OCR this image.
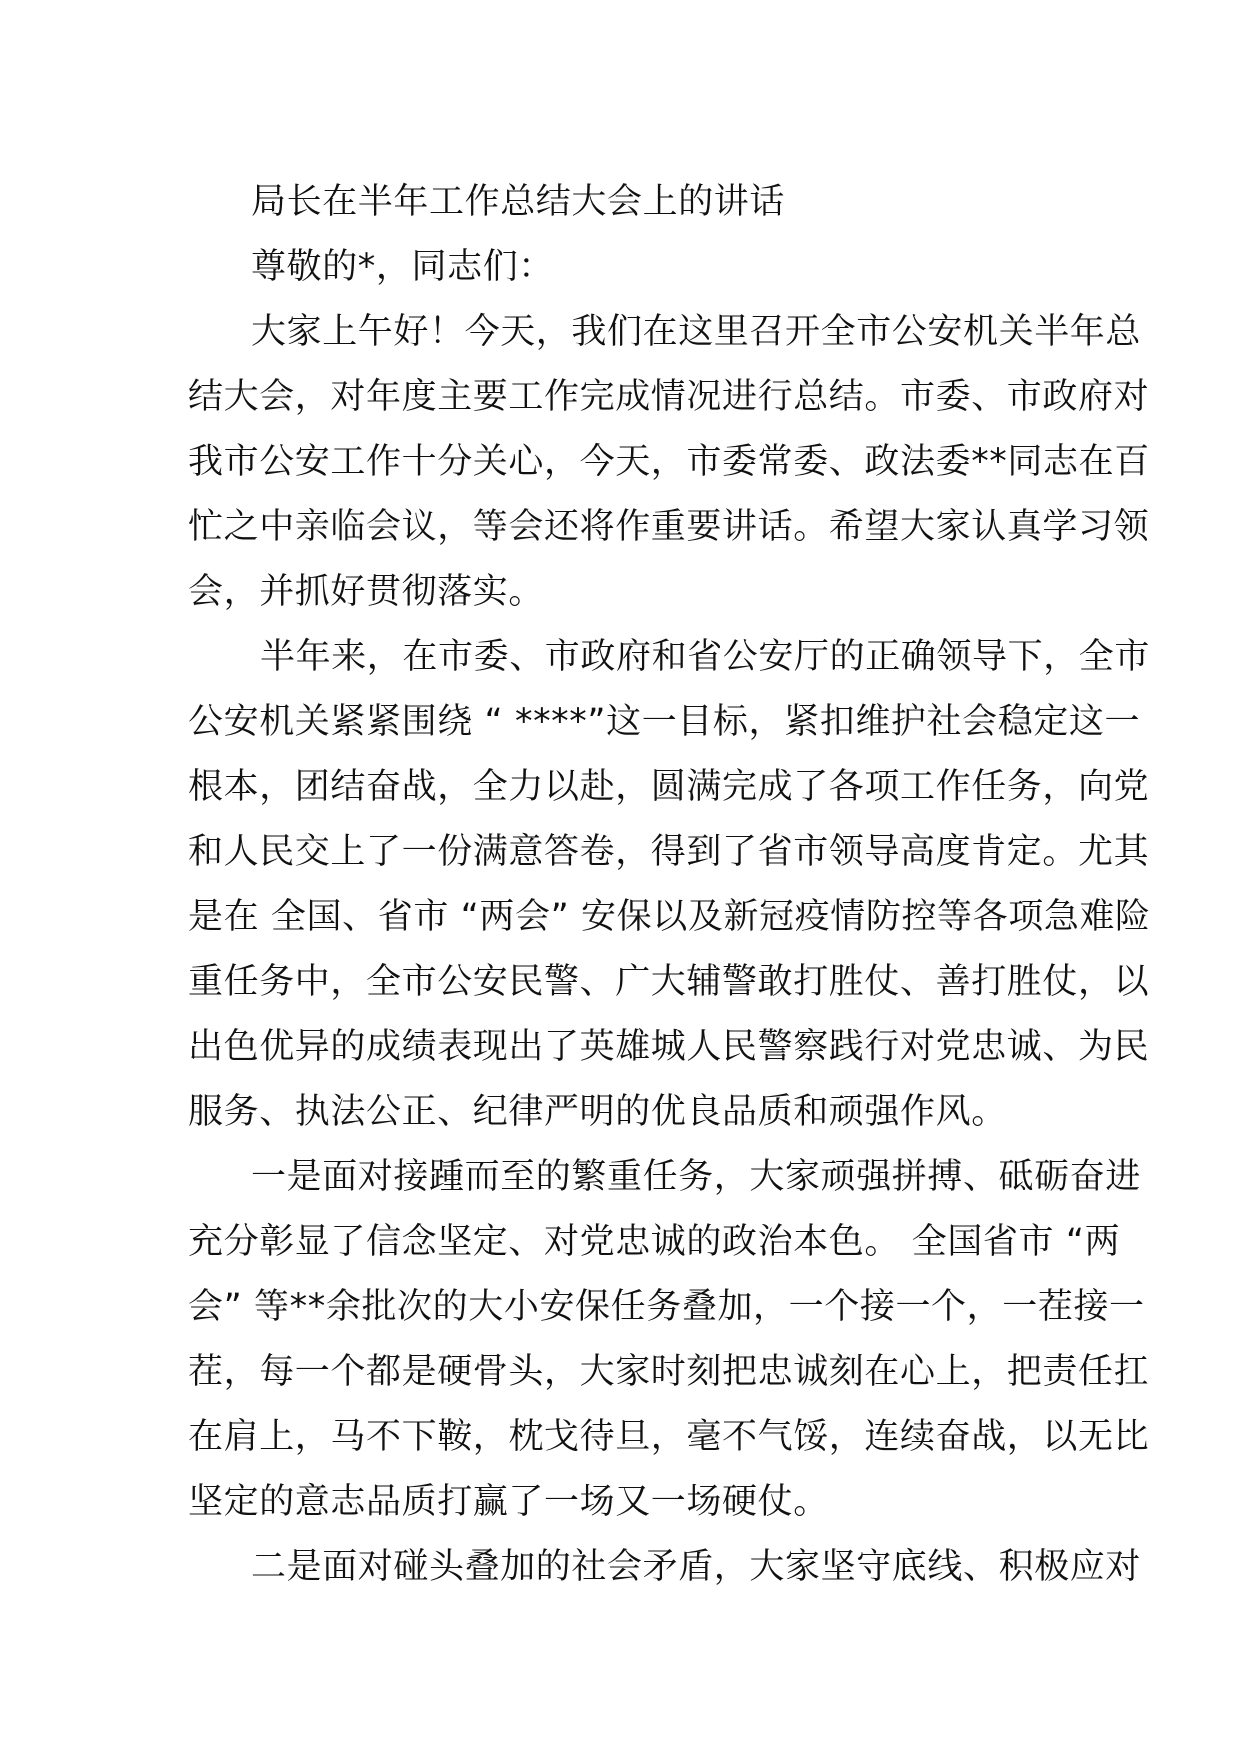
局长在半年工作总结大会上的讲话
尊敬的*，同志们：
大家上午好！今天，我们在这里召开全市公安机关半年总
结大会，对年度主要工作完成情况进行总结。市委、市政府对
我市公安工作十分关心，今天，市委常委、政法委**同志在百
忙之中亲临会议，等会还将作重要讲话。希望大家认真学习领
会，并抓好贯彻落实。
半年来，在市委、市政府和省公安厅的正确领导下，全市
公安机关紧紧围绕 “ ****”这一目标，紧扣维护社会稳定这一
根本，团结奋战，全力以赴，圆满完成了各项工作任务，向党
和人民交上了一份满意答卷，得到了省市领导高度肯定。尤其
是在 全国、省市 “两会” 安保以及新冠疫情防控等各项急难险
重任务中，全市公安民警、广大辅警敢打胜仗、善打胜仗，以
出色优异的成绩表现出了英雄城人民警察践行对党忠诚、为民
服务、执法公正、纪律严明的优良品质和顽强作风。
一是面对接踵而至的繁重任务，大家顽强拼搏、砥砺奋进
充分彰显了信念坚定、对党忠诚的政治本色。 全国省市 “两
会” 等**余批次的大小安保任务叠加，一个接一个，一茬接一
茬，每一个都是硬骨头，大家时刻把忠诚刻在心上，把责任扛
在肩上，马不下鞍，枕戈待旦，毫不气馁，连续奋战，以无比
坚定的意志品质打赢了一场又一场硬仗。
二是面对碰头叠加的社会矛盾，大家坚守底线、积极应对
